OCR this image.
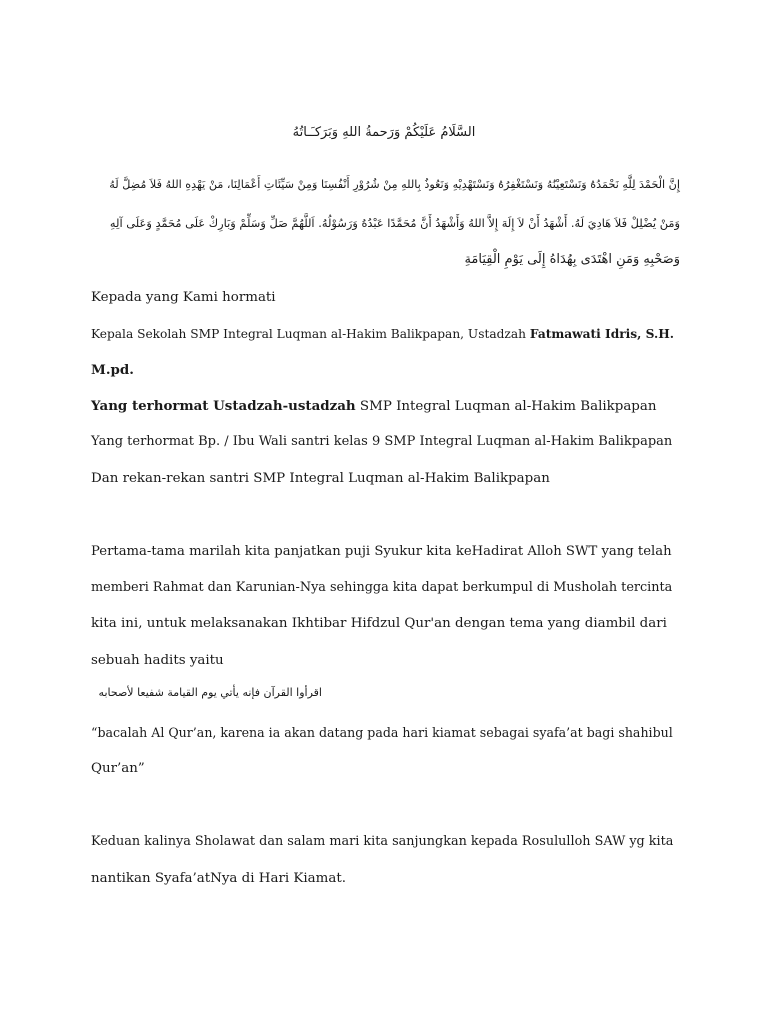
السَّلَامُ عَلَيْكُمْ وَرَحمةُ اللهِ وَبَرَكـَـاتُهُ
إِنَّ الْحَمْدَ لِلَّهِ نَحْمَدُهُ وَنَسْتَعِيْنُهُ وَنَسْتَغْفِرُهُ وَنَسْتَهْدِيْهِ وَنَعُوذُ بِاللهِ مِنْ شُرُوْرِ أَنْفُسِنَا وَمِنْ سَيِّئَاتِ أَعْمَالِنَا، مَنْ يَهْدِهِ اللهُ فَلاَ مُضِلَّ لَهُ
وَمَنْ يُضْلِلْ فَلاَ هَادِيَ لَهُ. أَشْهَدُ أَنْ لاَ إِلَهَ إِلاَّ اللهُ وَأَشْهَدُ أَنَّ مُحَمَّدًا عَبْدُهُ وَرَسُوْلُهُ. اَللَّهُمَّ صَلِّ وَسَلِّمْ وَبَارِكْ عَلَى مُحَمَّدٍ وَعَلَى آلِهِ
وَصَحْبِهِ وَمَنِ اهْتَدَى بِهُدَاهُ إِلَى يَوْمِ الْقِيَامَةِ
Kepada yang Kami hormati
Kepala Sekolah SMP Integral Luqman al-Hakim Balikpapan, Ustadzah Fatmawati Idris, S.H.
M.pd.
Yang terhormat Ustadzah-ustadzah SMP Integral Luqman al-Hakim Balikpapan
Yang terhormat Bp. / Ibu Wali santri kelas 9 SMP Integral Luqman al-Hakim Balikpapan
Dan rekan-rekan santri SMP Integral Luqman al-Hakim Balikpapan
Pertama-tama marilah kita panjatkan puji Syukur kita keHadirat Alloh SWT yang telah
memberi Rahmat dan Karunian-Nya sehingga kita dapat berkumpul di Musholah tercinta
kita ini, untuk melaksanakan Ikhtibar Hifdzul Qur'an dengan tema yang diambil dari
sebuah hadits yaitu
اقرأوا القرآن فإنه يأتي يوم القيامة شفيعا لأصحابه
“bacalah Al Qur’an, karena ia akan datang pada hari kiamat sebagai syafa’at bagi shahibul
Qur’an”
Keduan kalinya Sholawat dan salam mari kita sanjungkan kepada Rosululloh SAW yg kita
nantikan Syafa’atNya di Hari Kiamat.
